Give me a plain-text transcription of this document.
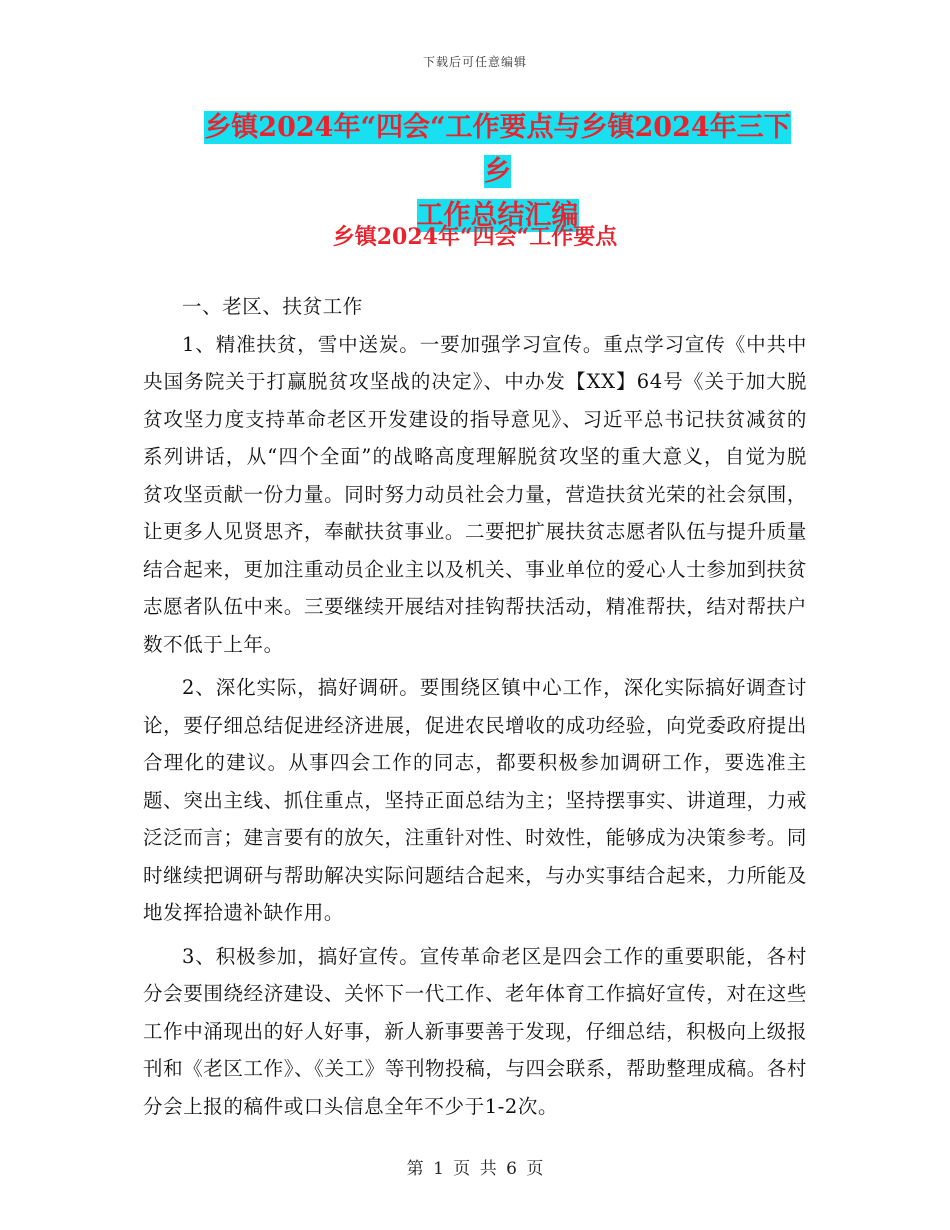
下载后可任意编辑
乡镇2024年“四会“工作要点与乡镇2024年三下乡
工作总结汇编
乡镇2024年“四会“工作要点

一、老区、扶贫工作

1、精准扶贫，雪中送炭。一要加强学习宣传。重点学习宣传《中共中央国务院关于打赢脱贫攻坚战的决定》、中办发【XX】64号《关于加大脱贫攻坚力度支持革命老区开发建设的指导意见》、习近平总书记扶贫减贫的系列讲话，从“四个全面”的战略高度理解脱贫攻坚的重大意义，自觉为脱贫攻坚贡献一份力量。同时努力动员社会力量，营造扶贫光荣的社会氛围，让更多人见贤思齐，奉献扶贫事业。二要把扩展扶贫志愿者队伍与提升质量结合起来，更加注重动员企业主以及机关、事业单位的爱心人士参加到扶贫志愿者队伍中来。三要继续开展结对挂钩帮扶活动，精准帮扶，结对帮扶户数不低于上年。

2、深化实际，搞好调研。要围绕区镇中心工作，深化实际搞好调查讨论，要仔细总结促进经济进展，促进农民增收的成功经验，向党委政府提出合理化的建议。从事四会工作的同志，都要积极参加调研工作，要选准主题、突出主线、抓住重点，坚持正面总结为主；坚持摆事实、讲道理，力戒泛泛而言；建言要有的放矢，注重针对性、时效性，能够成为决策参考。同时继续把调研与帮助解决实际问题结合起来，与办实事结合起来，力所能及地发挥拾遗补缺作用。

3、积极参加，搞好宣传。宣传革命老区是四会工作的重要职能，各村分会要围绕经济建设、关怀下一代工作、老年体育工作搞好宣传，对在这些工作中涌现出的好人好事，新人新事要善于发现，仔细总结，积极向上级报刊和《老区工作》、《关工》等刊物投稿，与四会联系，帮助整理成稿。各村分会上报的稿件或口头信息全年不少于1-2次。

第 1 页 共 6 页
